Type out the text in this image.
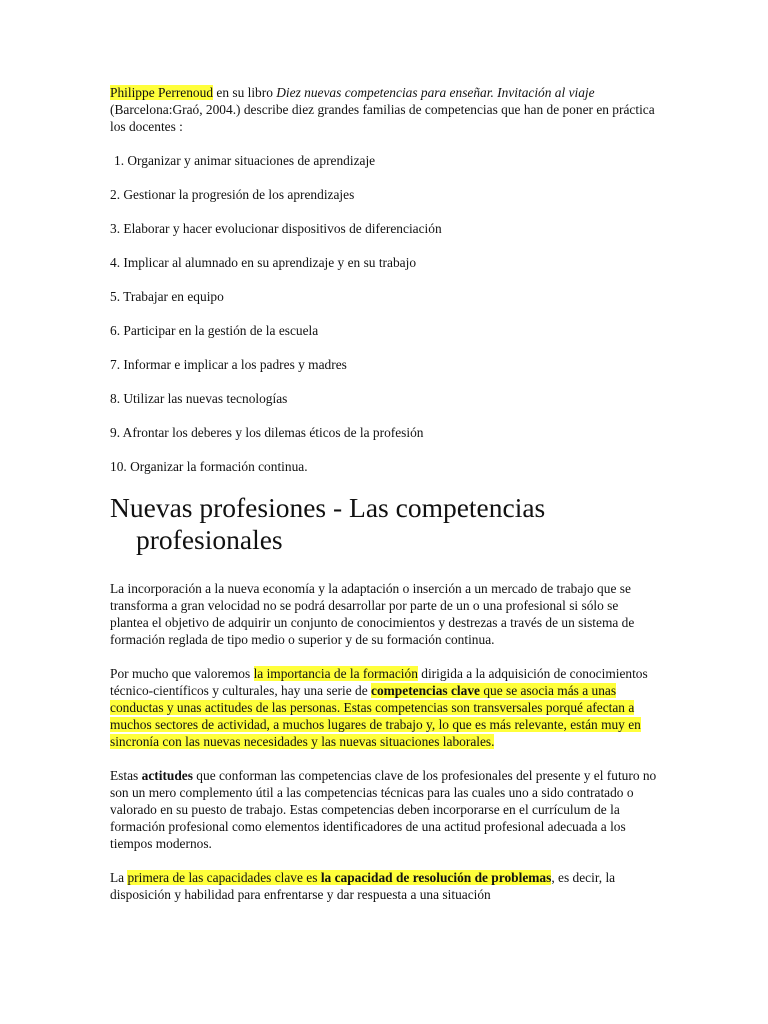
Philippe Perrenoud en su libro Diez nuevas competencias para enseñar. Invitación al viaje (Barcelona:Graó, 2004.) describe diez grandes familias de competencias que han de poner en práctica los docentes :

1. Organizar y animar situaciones de aprendizaje

2. Gestionar la progresión de los aprendizajes

3. Elaborar y hacer evolucionar dispositivos de diferenciación

4. Implicar al alumnado en su aprendizaje y en su trabajo

5. Trabajar en equipo

6. Participar en la gestión de la escuela

7. Informar e implicar a los padres y madres

8. Utilizar las nuevas tecnologías

9. Afrontar los deberes y los dilemas éticos de la profesión

10. Organizar la formación continua.

Nuevas profesiones - Las competencias profesionales

La incorporación a la nueva economía y la adaptación o inserción a un mercado de trabajo que se transforma a gran velocidad no se podrá desarrollar por parte de un o una profesional si sólo se plantea el objetivo de adquirir un conjunto de conocimientos y destrezas a través de un sistema de formación reglada de tipo medio o superior y de su formación continua.

Por mucho que valoremos la importancia de la formación dirigida a la adquisición de conocimientos técnico-científicos y culturales, hay una serie de competencias clave que se asocia más a unas conductas y unas actitudes de las personas. Estas competencias son transversales porqué afectan a muchos sectores de actividad, a muchos lugares de trabajo y, lo que es más relevante, están muy en sincronía con las nuevas necesidades y las nuevas situaciones laborales.

Estas actitudes que conforman las competencias clave de los profesionales del presente y el futuro no son un mero complemento útil a las competencias técnicas para las cuales uno a sido contratado o valorado en su puesto de trabajo. Estas competencias deben incorporarse en el currículum de la formación profesional como elementos identificadores de una actitud profesional adecuada a los tiempos modernos.

La primera de las capacidades clave es la capacidad de resolución de problemas, es decir, la disposición y habilidad para enfrentarse y dar respuesta a una situación
